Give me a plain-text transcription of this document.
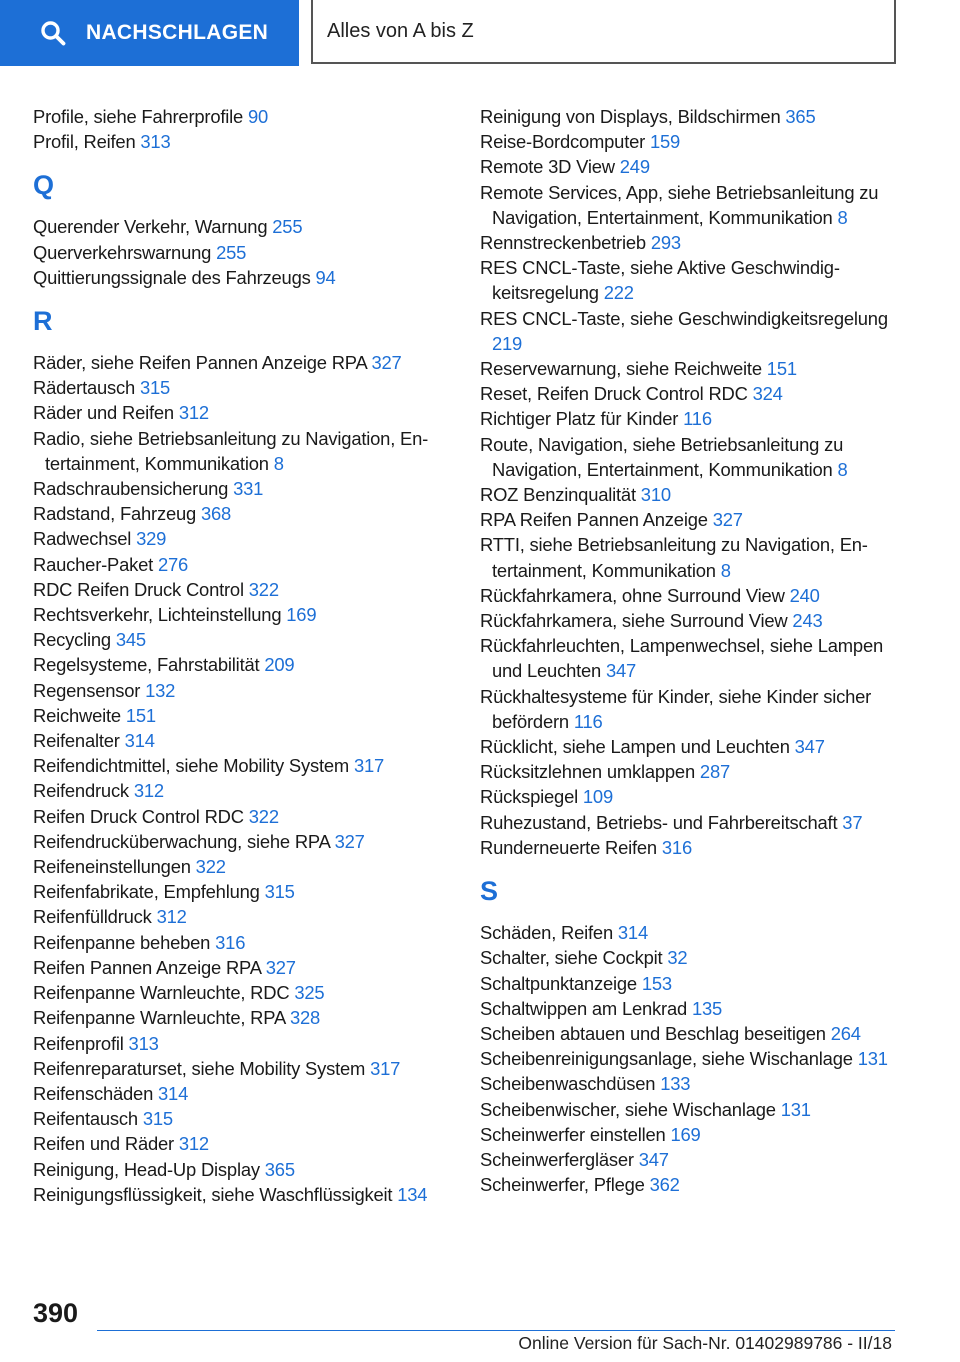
NACHSCHLAGEN	Alles von A bis Z

Profile, siehe Fahrerprofile 90

Profil, Reifen 313

Q

Querender Verkehr, Warnung 255

Querverkehrswarnung 255

Quittierungssignale des Fahrzeugs 94

R

Räder, siehe Reifen Pannen Anzeige RPA 327

Rädertausch 315

Räder und Reifen 312

Radio, siehe Betriebsanleitung zu Navigation, Entertainment, Kommunikation 8

Radschraubensicherung 331

Radstand, Fahrzeug 368

Radwechsel 329

Raucher-Paket 276

RDC Reifen Druck Control 322

Rechtsverkehr, Lichteinstellung 169

Recycling 345

Regelsysteme, Fahrstabilität 209

Regensensor 132

Reichweite 151

Reifenalter 314

Reifendichtmittel, siehe Mobility System 317

Reifendruck 312

Reifen Druck Control RDC 322

Reifendrucküberwachung, siehe RPA 327

Reifeneinstellungen 322

Reifenfabrikate, Empfehlung 315

Reifenfülldruck 312

Reifenpanne beheben 316

Reifen Pannen Anzeige RPA 327

Reifenpanne Warnleuchte, RDC 325

Reifenpanne Warnleuchte, RPA 328

Reifenprofil 313

Reifenreparaturset, siehe Mobility System 317

Reifenschäden 314

Reifentausch 315

Reifen und Räder 312

Reinigung, Head-Up Display 365

Reinigungsflüssigkeit, siehe Waschflüssigkeit 134

Reinigung von Displays, Bildschirmen 365

Reise-Bordcomputer 159

Remote 3D View 249

Remote Services, App, siehe Betriebsanleitung zu Navigation, Entertainment, Kommunikation 8

Rennstreckenbetrieb 293

RES CNCL-Taste, siehe Aktive Geschwindigkeitsregelung 222

RES CNCL-Taste, siehe Geschwindigkeitsregelung 219

Reservewarnung, siehe Reichweite 151

Reset, Reifen Druck Control RDC 324

Richtiger Platz für Kinder 116

Route, Navigation, siehe Betriebsanleitung zu Navigation, Entertainment, Kommunikation 8

ROZ Benzinqualität 310

RPA Reifen Pannen Anzeige 327

RTTI, siehe Betriebsanleitung zu Navigation, Entertainment, Kommunikation 8

Rückfahrkamera, ohne Surround View 240

Rückfahrkamera, siehe Surround View 243

Rückfahrleuchten, Lampenwechsel, siehe Lampen und Leuchten 347

Rückhaltesysteme für Kinder, siehe Kinder sicher befördern 116

Rücklicht, siehe Lampen und Leuchten 347

Rücksitzlehnen umklappen 287

Rückspiegel 109

Ruhezustand, Betriebs- und Fahrbereitschaft 37

Runderneuerte Reifen 316

S

Schäden, Reifen 314

Schalter, siehe Cockpit 32

Schaltpunktanzeige 153

Schaltwippen am Lenkrad 135

Scheiben abtauen und Beschlag beseitigen 264

Scheibenreinigungsanlage, siehe Wischanlage 131

Scheibenwaschdüsen 133

Scheibenwischer, siehe Wischanlage 131

Scheinwerfer einstellen 169

Scheinwerfergläser 347

Scheinwerfer, Pflege 362

390
Online Version für Sach-Nr. 01402989786 - II/18
